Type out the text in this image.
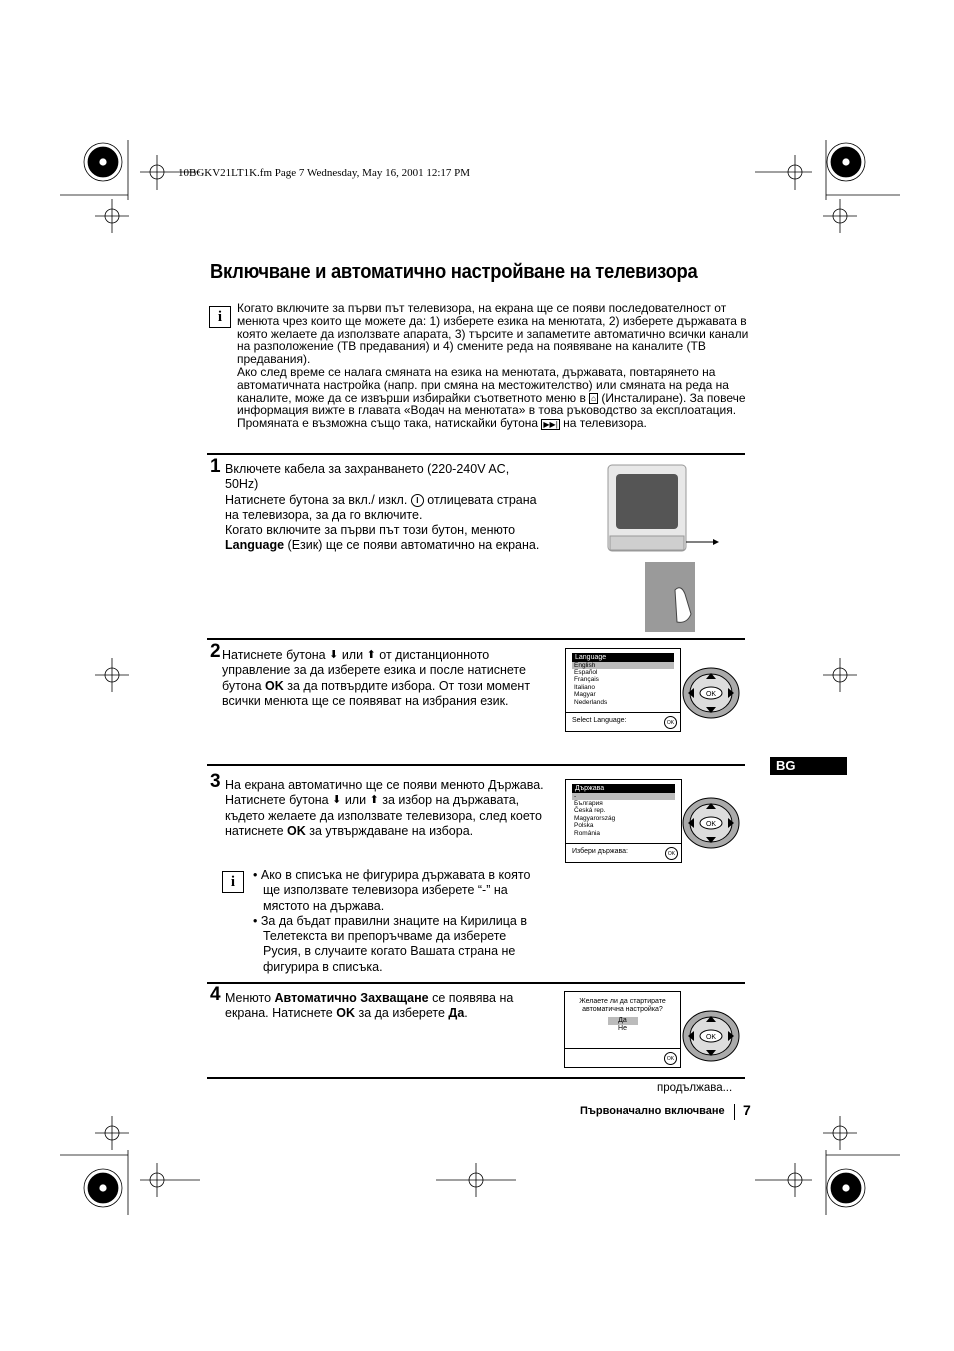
10BGKV21LT1K.fm Page 7 Wednesday, May 16, 2001 12:17 PM
Включване и автоматично настройване на телевизора
i

Когато включите за първи път телевизора, на екрана ще се появи последователност от менюта чрез които ще можете да: 1) изберете езика на менютата, 2) изберете държавата в която желаете да използвате апарата, 3) търсите и запаметите автоматично всички канали на разположение (ТВ предавания) и 4) смените реда на появяване на каналите (ТВ предавания).

Ако след време се налага смяната на езика на менютата, държавата, повтарянето на автоматичната настройка (напр. при смяна на местожителство) или смяната на реда на каналите, може да се извърши избирайки съответното меню в ⌂ (Инсталиране). За повече информация вижте в главата «Водач на менютата» в това ръководство за експлоатация. Промяната е възможна също така, натискайки бутона ▶▶| на телевизора.

1 Включете кабела за захранването (220-240V AC, 50Hz)
Натиснете бутона за вкл./ изкл. I отлицевата страна на телевизора, за да го включите.
Когато включите за първи път този бутон, менюто Language (Език) ще се появи автоматично на екрана.
2 Натиснете бутона ⬇ или ⬆ от дистанционното управление за да изберете езика и после натиснете бутона OK за да потвърдите избора. От този момент всички менюта ще се появяват на избрания език.
Language
English
Español
Français
Italiano
Magyar
Nederlands
Select Language:	OK
OK
BG
3 На екрана автоматично ще се появи менюто Държава. Натиснете бутона ⬇ или ⬆ за избор на държавата, където желаете да използвате телевизора, след което натиснете OK за утвърждаване на избора.
Държава
-
България
Česká rep.
Magyarország
Polska
România
Избери държава:	OK
OK
i	• Ако в списъка не фигурира държавата в която ще използвате телевизора изберете “-” на мястото на държава.
• За да бъдат правилни знаците на Кирилица в Телетекста ви препоръчваме да изберете Русия, в случаите когато Вашата страна не фигурира в списъка.
4 Менюто Автоматично Захващане се появява на екрана. Натиснете OK за да изберете Да.
Желаете ли да стартирате автоматична настройка?
Да
Не
OK
OK
продължава...
Първоначално включване 7
